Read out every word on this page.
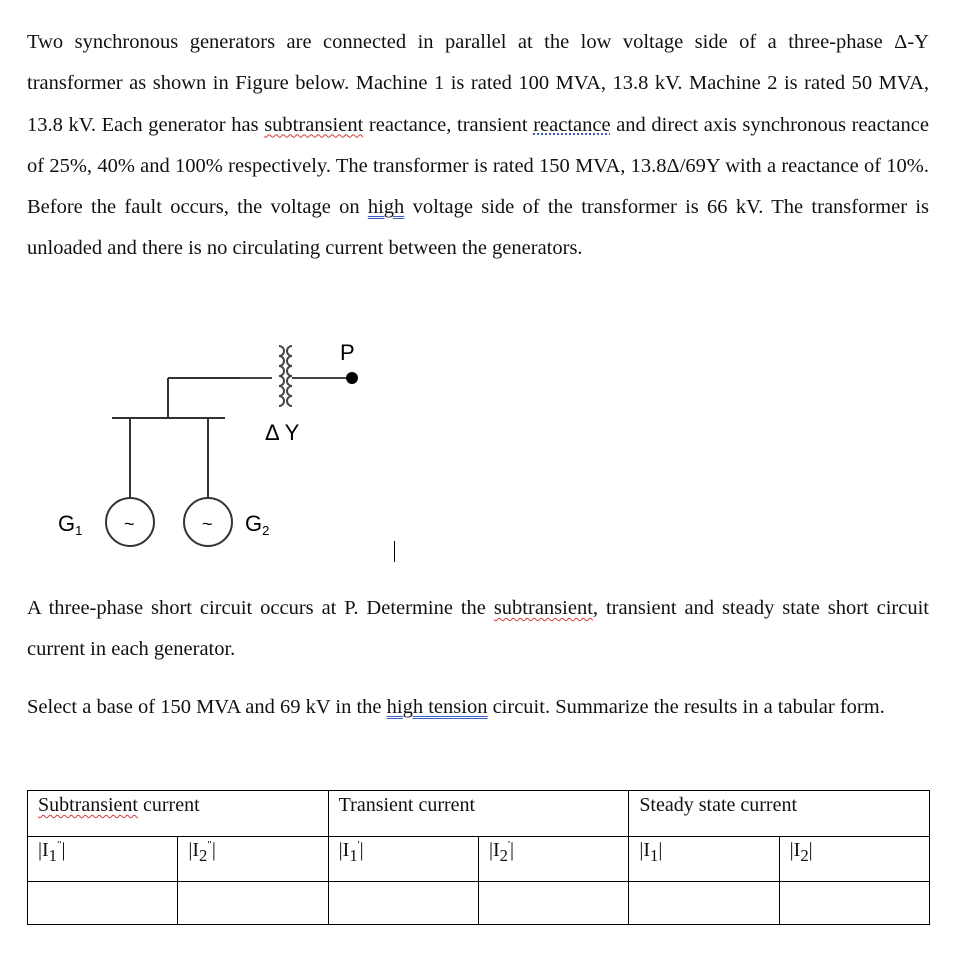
Two synchronous generators are connected in parallel at the low voltage side of a three-phase Δ-Y transformer as shown in Figure below. Machine 1 is rated 100 MVA, 13.8 kV. Machine 2 is rated 50 MVA, 13.8 kV. Each generator has subtransient reactance, transient reactance and direct axis synchronous reactance of 25%, 40% and 100% respectively. The transformer is rated 150 MVA, 13.8Δ/69Y with a reactance of 10%. Before the fault occurs, the voltage on high voltage side of the transformer is 66 kV. The transformer is unloaded and there is no circulating current between the generators.

P
Δ Y
~	~
G1	G2

A three-phase short circuit occurs at P. Determine the subtransient, transient and steady state short circuit current in each generator.

Select a base of 150 MVA and 69 kV in the high tension circuit. Summarize the results in a tabular form.

Subtransient current		Transient current		Steady state current	
$|I_1^"|$	$|I_2^"|$	$|I_1'|$	$|I_2'|$	$|I_1|$	$|I_2|$
